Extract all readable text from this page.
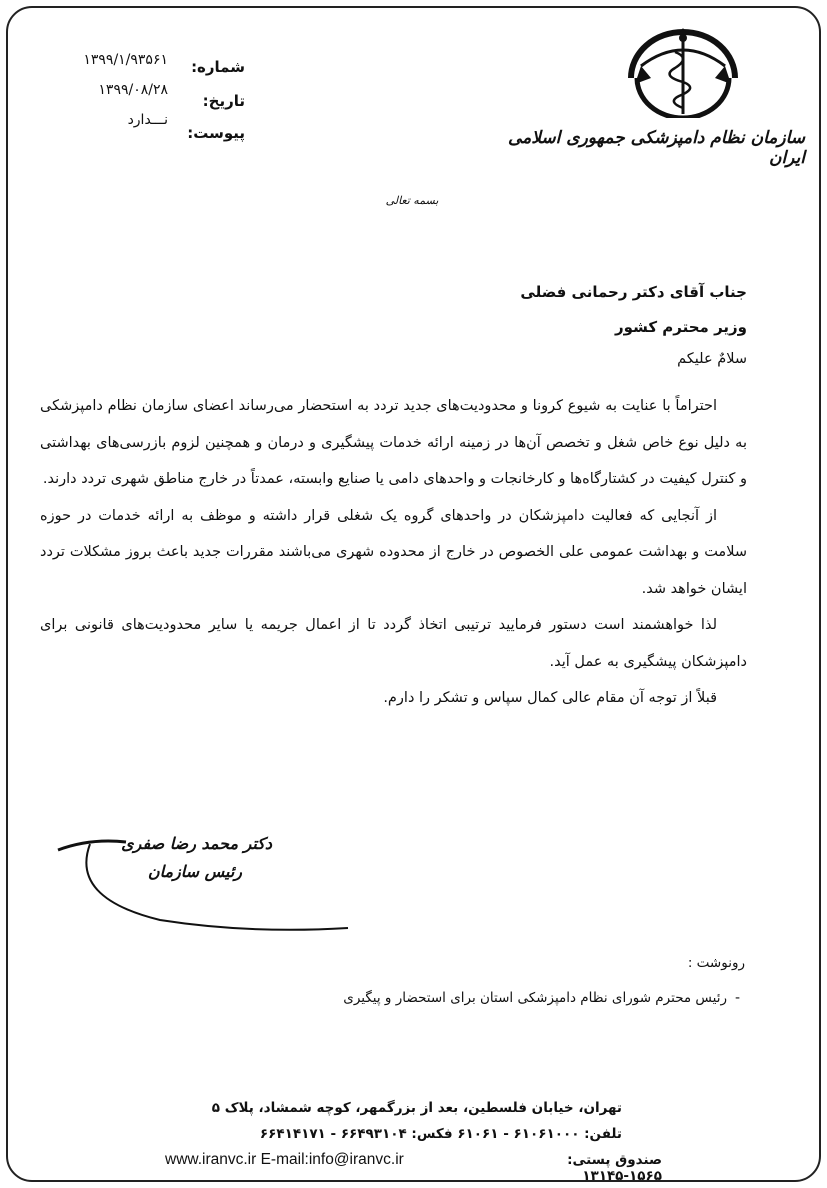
سازمان نظام دامپزشکی جمهوری اسلامی ایران
شماره:
۱۳۹۹/۱/۹۳۵۶۱
تاریخ:
۱۳۹۹/۰۸/۲۸
پیوست:
نـــدارد
بسمه تعالی
جناب آقای دکتر رحمانی فضلی
وزیر محترم کشور
سلامٌ علیکم

احتراماً با عنایت به شیوع کرونا و محدودیت‌های جدید تردد به استحضار می‌رساند اعضای سازمان نظام دامپزشکی به دلیل نوع خاص شغل و تخصص آن‌ها در زمینه ارائه خدمات پیشگیری و درمان و همچنین لزوم بازرسی‌های بهداشتی و کنترل کیفیت در کشتارگاه‌ها و کارخانجات و واحدهای دامی یا صنایع وابسته، عمدتاً در خارج مناطق شهری تردد دارند.

از آنجایی که فعالیت دامپزشکان در واحدهای گروه یک شغلی قرار داشته و موظف به ارائه خدمات در حوزه سلامت و بهداشت عمومی علی الخصوص در خارج از محدوده شهری می‌باشند مقررات جدید باعث بروز مشکلات تردد ایشان خواهد شد.

لذا خواهشمند است دستور فرمایید ترتیبی اتخاذ گردد تا از اعمال جریمه یا سایر محدودیت‌های قانونی برای دامپزشکان پیشگیری به عمل آید.

قبلاً از توجه آن مقام عالی کمال سپاس و تشکر را دارم.

دکتر محمد رضا صفری
رئیس سازمان
رونوشت :
رئیس محترم شورای نظام دامپزشکی استان برای استحضار و پیگیری -
تهران، خیابان فلسطین، بعد از بزرگمهر، کوچه شمشاد، پلاک ۵
تلفن: ۶۱۰۶۱۰۰۰ - ۶۱۰۶۱ فکس: ۶۶۴۹۳۱۰۴ - ۶۶۴۱۴۱۷۱
صندوق پستی: ۱۵۶۵-۱۳۱۴۵
www.iranvc.ir E-mail:info@iranvc.ir
